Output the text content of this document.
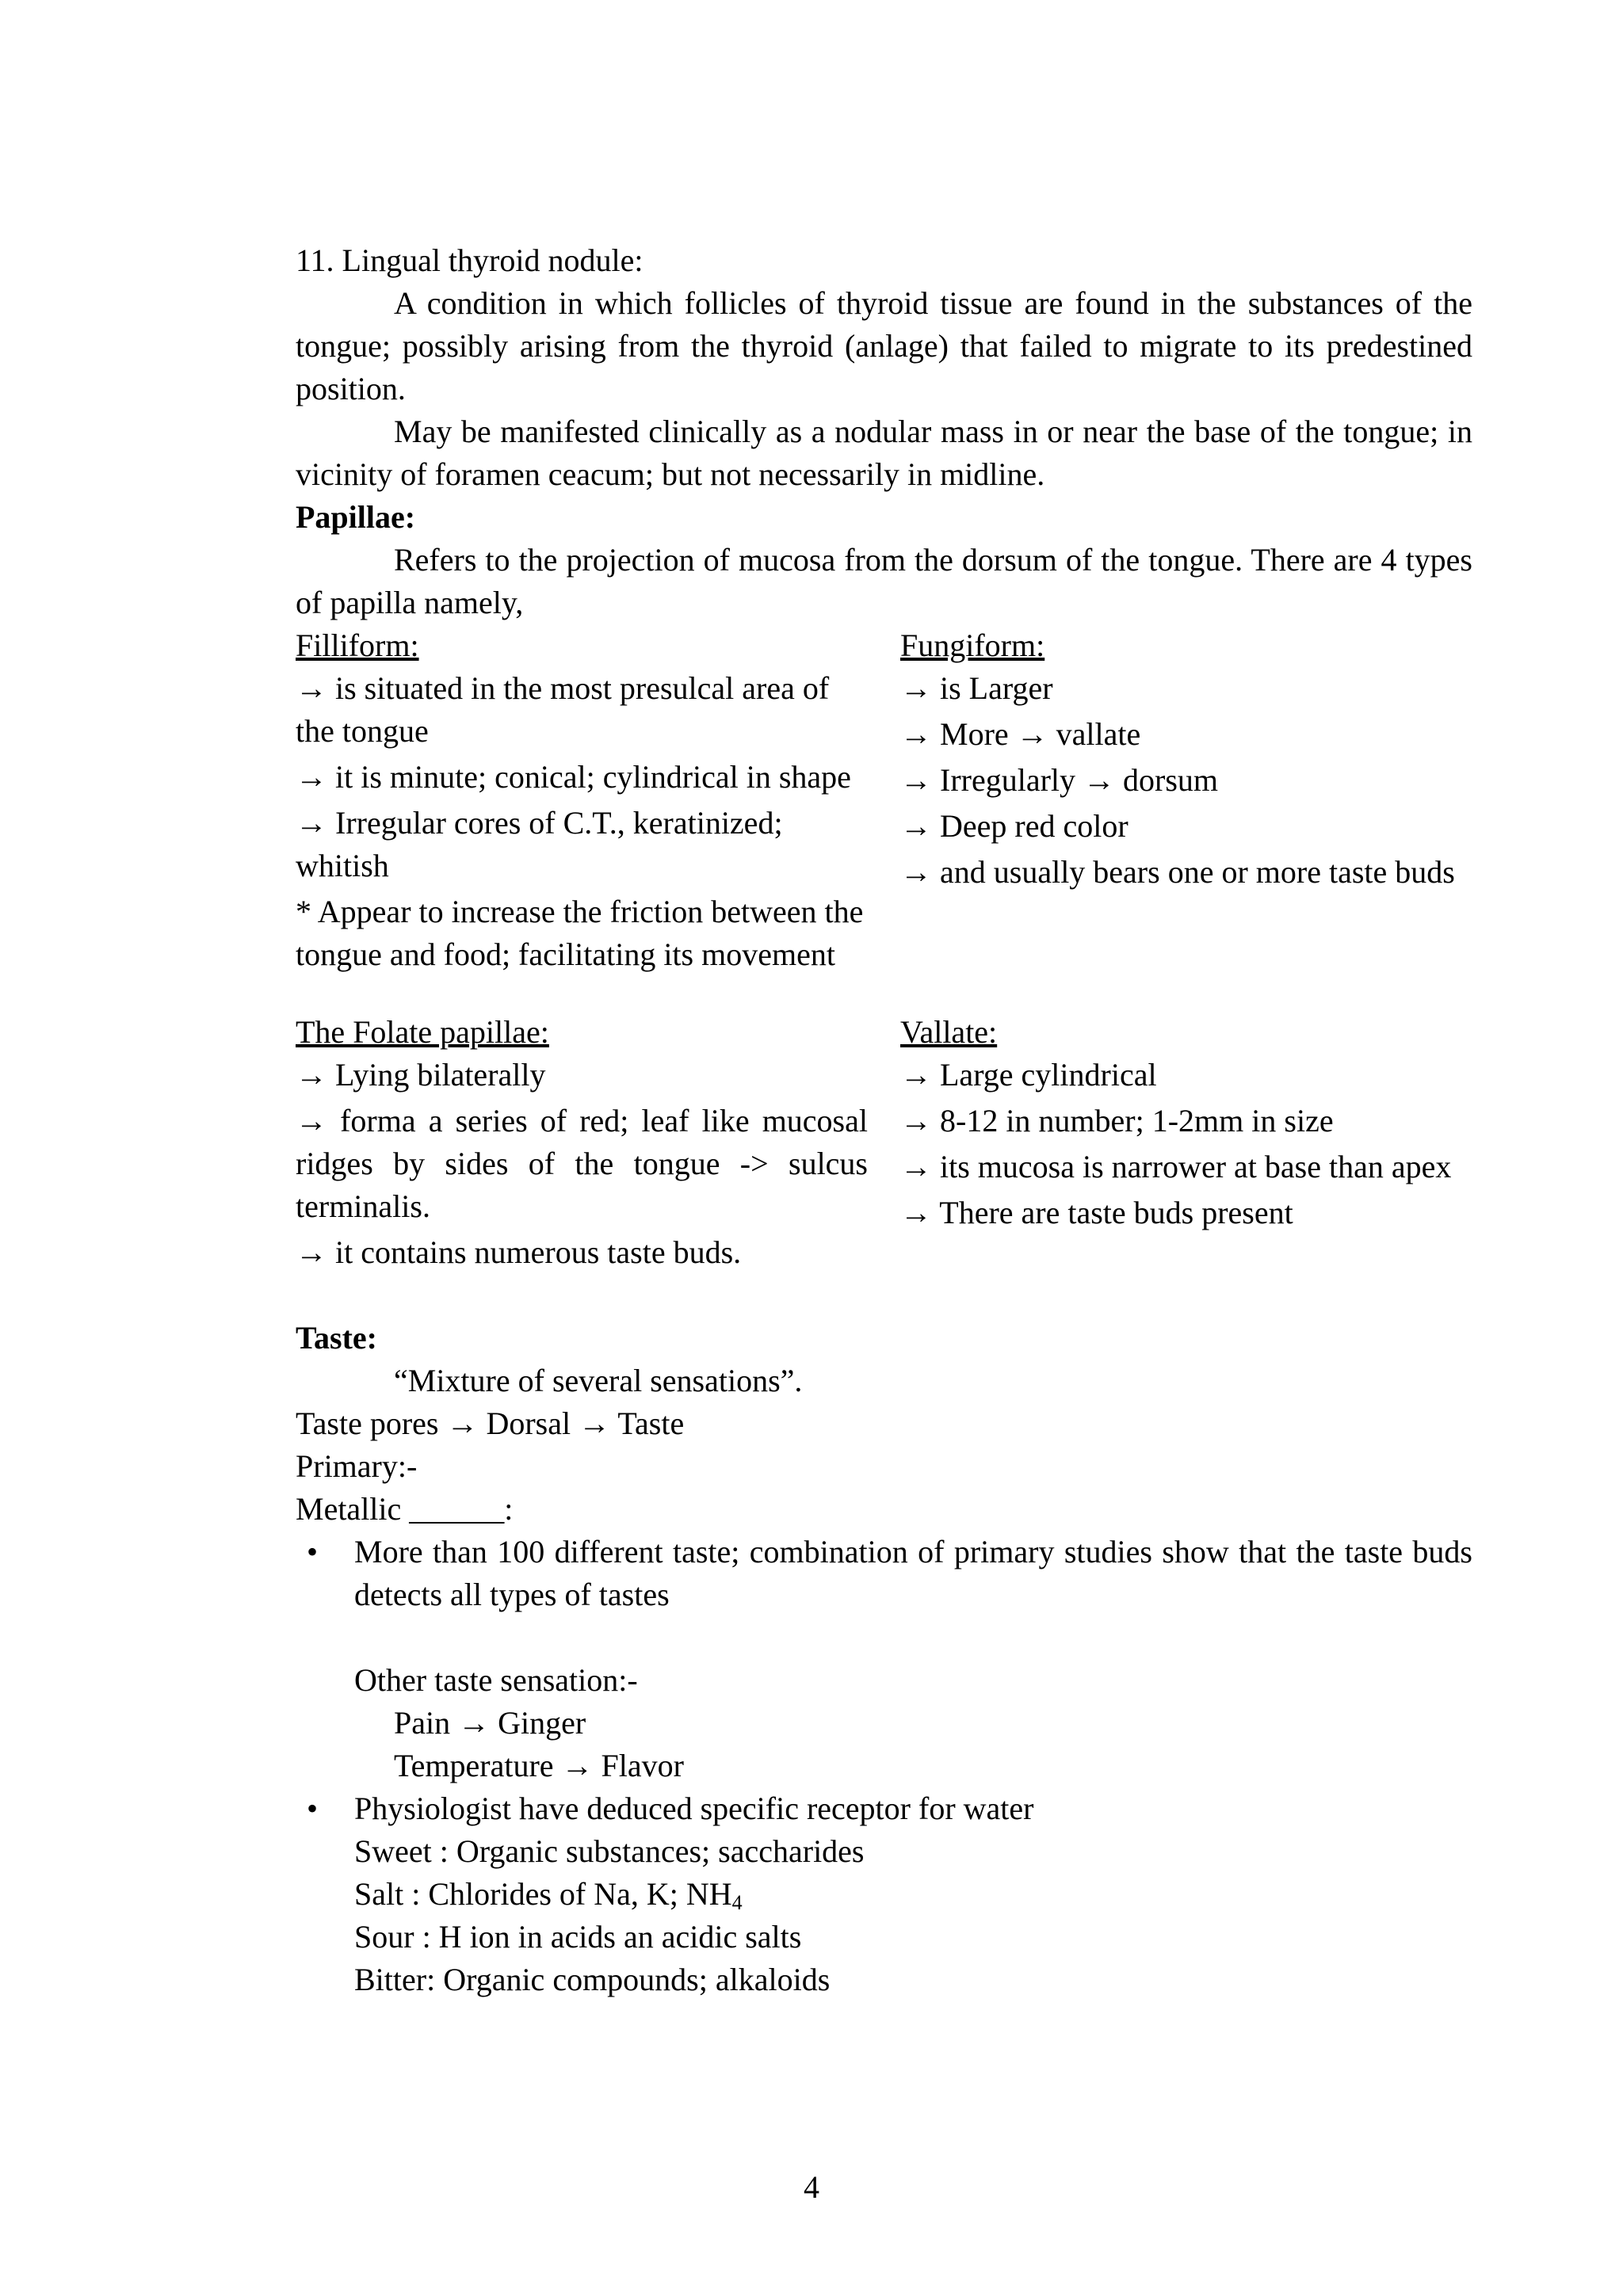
11. Lingual thyroid nodule:

A condition in which follicles of thyroid tissue are found in the substances of the tongue; possibly arising from the thyroid (anlage) that failed to migrate to its predestined position.

May be manifested clinically as a nodular mass in or near the base of the tongue; in vicinity of foramen ceacum; but not necessarily in midline.

Papillae:

Refers to the projection of mucosa from the dorsum of the tongue. There are 4 types of papilla namely,

Filliform:

→ is situated in the most presulcal area of the tongue

→ it is minute; conical; cylindrical in shape

→ Irregular cores of C.T., keratinized; whitish

* Appear to increase the friction between the tongue and food; facilitating its movement

Fungiform:

→ is Larger

→ More → vallate

→ Irregularly → dorsum

→ Deep red color

→ and usually bears one or more taste buds

The Folate papillae:

→ Lying bilaterally

→ forma a series of red; leaf like mucosal ridges by sides of the tongue -> sulcus terminalis.

→ it contains numerous taste buds.

Vallate:

→ Large cylindrical

→ 8-12 in number; 1-2mm in size

→ its mucosa is narrower at base than apex

→ There are taste buds present

Taste:

“Mixture of several sensations”.

Taste pores → Dorsal → Taste

Primary:-

Metallic ______:

• More than 100 different taste; combination of primary studies show that the taste buds detects all types of tastes

Other taste sensation:-

Pain → Ginger

Temperature → Flavor

• Physiologist have deduced specific receptor for water

Sweet : Organic substances; saccharides

Salt : Chlorides of Na, K; $NH_4$

Sour : H ion in acids an acidic salts

Bitter: Organic compounds; alkaloids

4
